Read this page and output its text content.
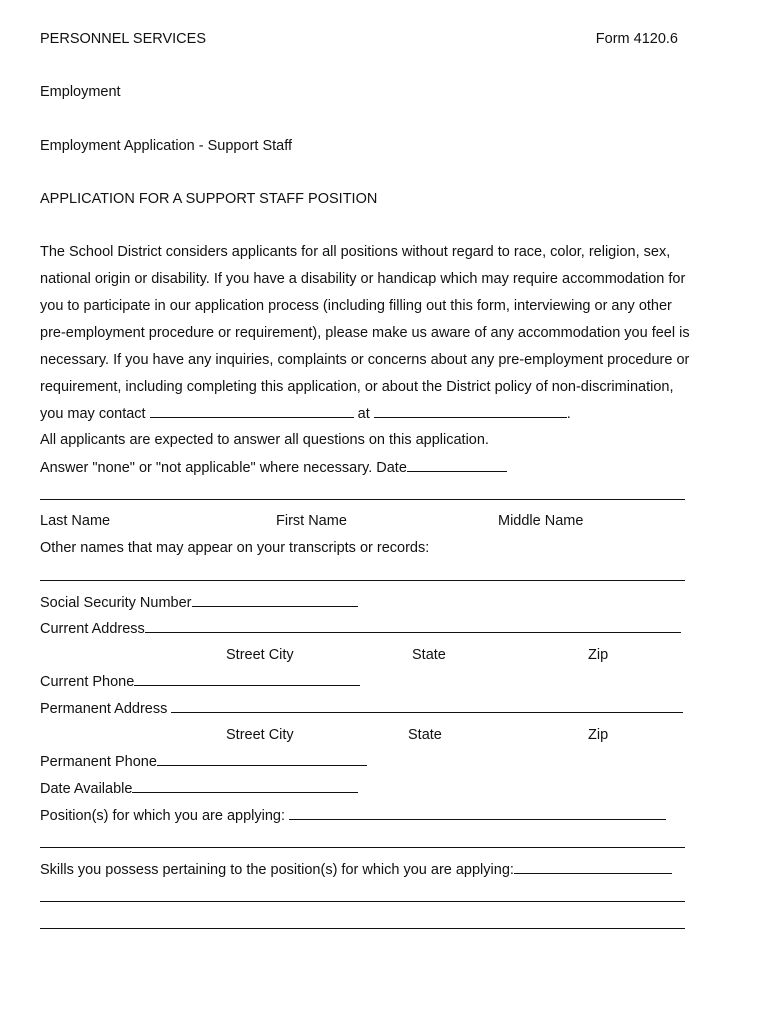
PERSONNEL SERVICES	Form 4120.6
Employment
Employment Application - Support Staff
APPLICATION FOR A SUPPORT STAFF POSITION
The School District considers applicants for all positions without regard to race, color, religion, sex,
national origin or disability. If you have a disability or handicap which may require accommodation for
you to participate in our application process (including filling out this form, interviewing or any other
pre-employment procedure or requirement), please make us aware of any accommodation you feel is
necessary. If you have any inquiries, complaints or concerns about any pre-employment procedure or
requirement, including completing this application, or about the District policy of non-discrimination,
you may contact	at	.
All applicants are expected to answer all questions on this application.
Answer "none" or "not applicable" where necessary. Date
Last Name	First Name	Middle Name
Other names that may appear on your transcripts or records:
Social Security Number
Current Address
Street City	State	Zip
Current Phone
Permanent Address
Street City	State	Zip
Permanent Phone
Date Available
Position(s) for which you are applying:
Skills you possess pertaining to the position(s) for which you are applying:
